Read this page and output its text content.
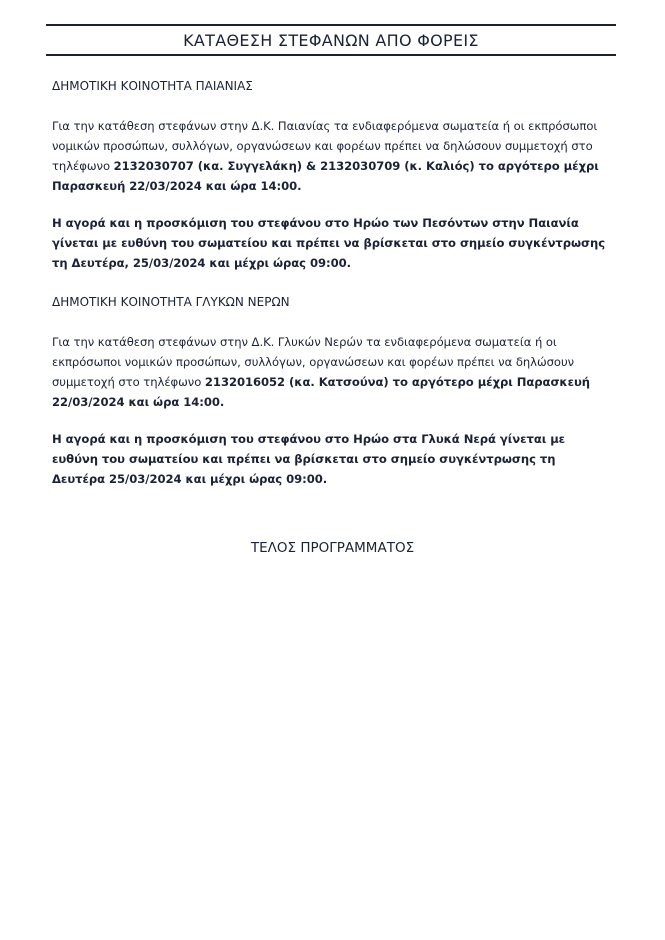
ΚΑΤΑΘΕΣΗ ΣΤΕΦΑΝΩΝ ΑΠΟ ΦΟΡΕΙΣ
ΔΗΜΟΤΙΚΗ ΚΟΙΝΟΤΗΤΑ ΠΑΙΑΝΙΑΣ

Για την κατάθεση στεφάνων στην Δ.Κ. Παιανίας τα ενδιαφερόμενα σωματεία ή οι εκπρόσωποι νομικών προσώπων, συλλόγων, οργανώσεων και φορέων πρέπει να δηλώσουν συμμετοχή στο τηλέφωνο 2132030707 (κα. Συγγελάκη) & 2132030709 (κ. Καλιός) το αργότερο μέχρι Παρασκευή 22/03/2024 και ώρα 14:00.

Η αγορά και η προσκόμιση του στεφάνου στο Ηρώο των Πεσόντων στην Παιανία γίνεται με ευθύνη του σωματείου και πρέπει να βρίσκεται στο σημείο συγκέντρωσης τη Δευτέρα, 25/03/2024 και μέχρι ώρας 09:00.

ΔΗΜΟΤΙΚΗ ΚΟΙΝΟΤΗΤΑ ΓΛΥΚΩΝ ΝΕΡΩΝ

Για την κατάθεση στεφάνων στην Δ.Κ. Γλυκών Νερών τα ενδιαφερόμενα σωματεία ή οι εκπρόσωποι νομικών προσώπων, συλλόγων, οργανώσεων και φορέων πρέπει να δηλώσουν συμμετοχή στο τηλέφωνο 2132016052 (κα. Κατσούνα) το αργότερο μέχρι Παρασκευή 22/03/2024 και ώρα 14:00.

Η αγορά και η προσκόμιση του στεφάνου στο Ηρώο στα Γλυκά Νερά γίνεται με ευθύνη του σωματείου και πρέπει να βρίσκεται στο σημείο συγκέντρωσης τη Δευτέρα 25/03/2024 και μέχρι ώρας 09:00.

ΤΕΛΟΣ ΠΡΟΓΡΑΜΜΑΤΟΣ
